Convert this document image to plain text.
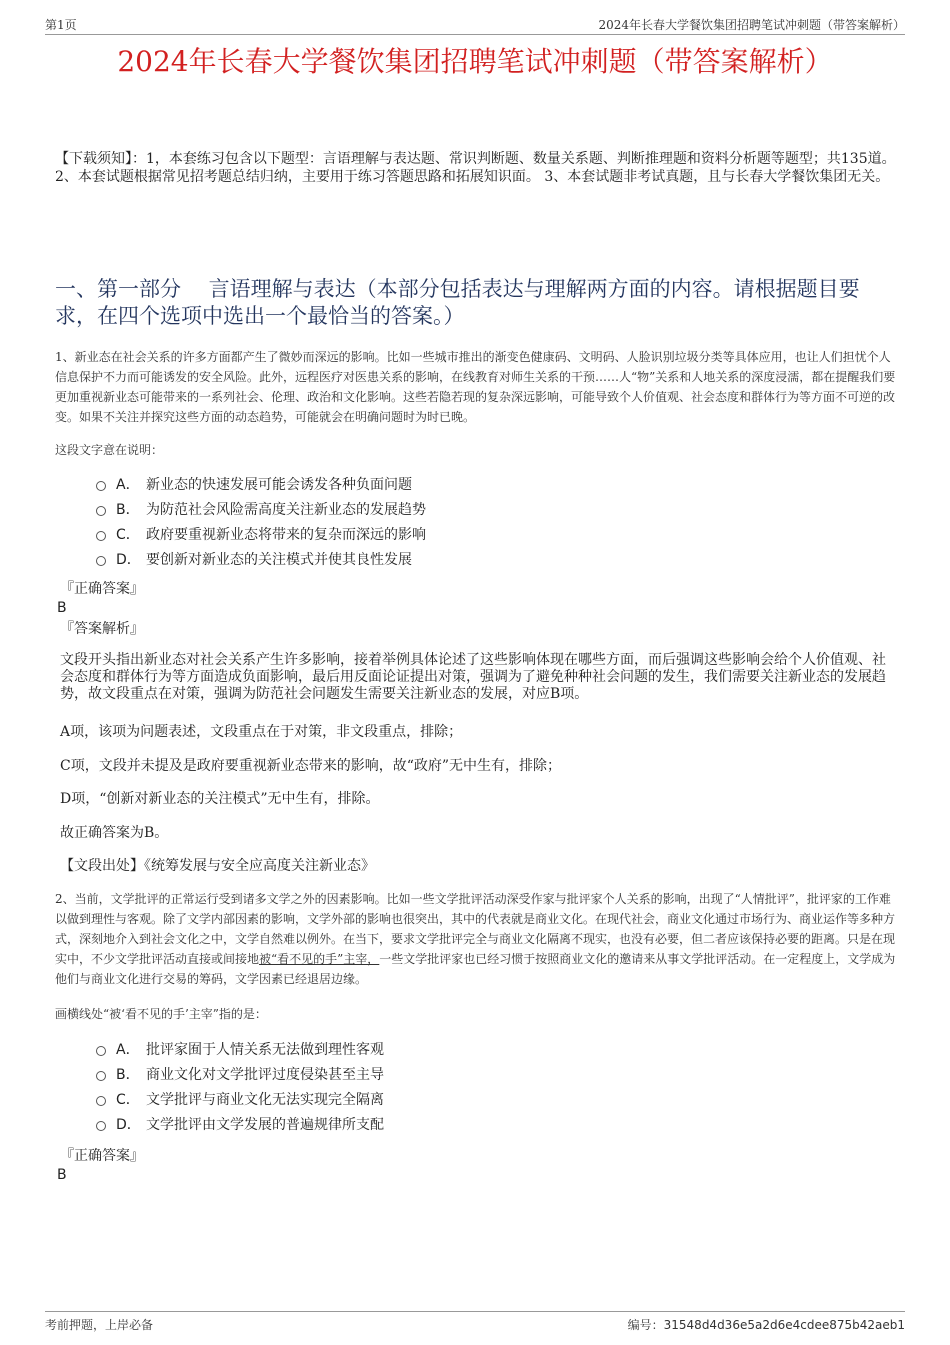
第1页	2024年长春大学餐饮集团招聘笔试冲刺题（带答案解析）
2024年长春大学餐饮集团招聘笔试冲刺题（带答案解析）
【下载须知】：1，本套练习包含以下题型：言语理解与表达题、常识判断题、数量关系题、判断推理题和资料分析题等题型；共135道。 2、本套试题根据常见招考题总结归纳，主要用于练习答题思路和拓展知识面。 3、本套试题非考试真题，且与长春大学餐饮集团无关。
一、第一部分　 言语理解与表达（本部分包括表达与理解两方面的内容。请根据题目要求，在四个选项中选出一个最恰当的答案。）
1、新业态在社会关系的许多方面都产生了微妙而深远的影响。比如一些城市推出的渐变色健康码、文明码、人脸识别垃圾分类等具体应用，也让人们担忧个人信息保护不力而可能诱发的安全风险。此外，远程医疗对医患关系的影响，在线教育对师生关系的干预……人“物”关系和人地关系的深度浸濡，都在提醒我们要更加重视新业态可能带来的一系列社会、伦理、政治和文化影响。这些若隐若现的复杂深远影响，可能导致个人价值观、社会态度和群体行为等方面不可逆的改变。如果不关注并探究这些方面的动态趋势，可能就会在明确问题时为时已晚。
这段文字意在说明：
A． 新业态的快速发展可能会诱发各种负面问题
B． 为防范社会风险需高度关注新业态的发展趋势
C． 政府要重视新业态将带来的复杂而深远的影响
D． 要创新对新业态的关注模式并使其良性发展
『正确答案』
B
『答案解析』
文段开头指出新业态对社会关系产生许多影响，接着举例具体论述了这些影响体现在哪些方面，而后强调这些影响会给个人价值观、社会态度和群体行为等方面造成负面影响，最后用反面论证提出对策，强调为了避免种种社会问题的发生，我们需要关注新业态的发展趋势，故文段重点在对策，强调为防范社会问题发生需要关注新业态的发展，对应B项。
A项，该项为问题表述，文段重点在于对策，非文段重点，排除；
C项，文段并未提及是政府要重视新业态带来的影响，故“政府”无中生有，排除；
D项，“创新对新业态的关注模式”无中生有，排除。
故正确答案为B。
【文段出处】《统筹发展与安全应高度关注新业态》
2、当前，文学批评的正常运行受到诸多文学之外的因素影响。比如一些文学批评活动深受作家与批评家个人关系的影响，出现了“人情批评”，批评家的工作难以做到理性与客观。除了文学内部因素的影响，文学外部的影响也很突出，其中的代表就是商业文化。在现代社会，商业文化通过市场行为、商业运作等多种方式，深刻地介入到社会文化之中，文学自然难以例外。在当下，要求文学批评完全与商业文化隔离不现实，也没有必要，但二者应该保持必要的距离。只是在现实中，不少文学批评活动直接或间接地被“看不见的手”主宰，一些文学批评家也已经习惯于按照商业文化的邀请来从事文学批评活动。在一定程度上，文学成为他们与商业文化进行交易的筹码，文学因素已经退居边缘。
画横线处“被‘看不见的手’主宰”指的是：
A． 批评家囿于人情关系无法做到理性客观
B． 商业文化对文学批评过度侵染甚至主导
C． 文学批评与商业文化无法实现完全隔离
D． 文学批评由文学发展的普遍规律所支配
『正确答案』
B
考前押题，上岸必备	编号：31548d4d36e5a2d6e4cdee875b42aeb1
